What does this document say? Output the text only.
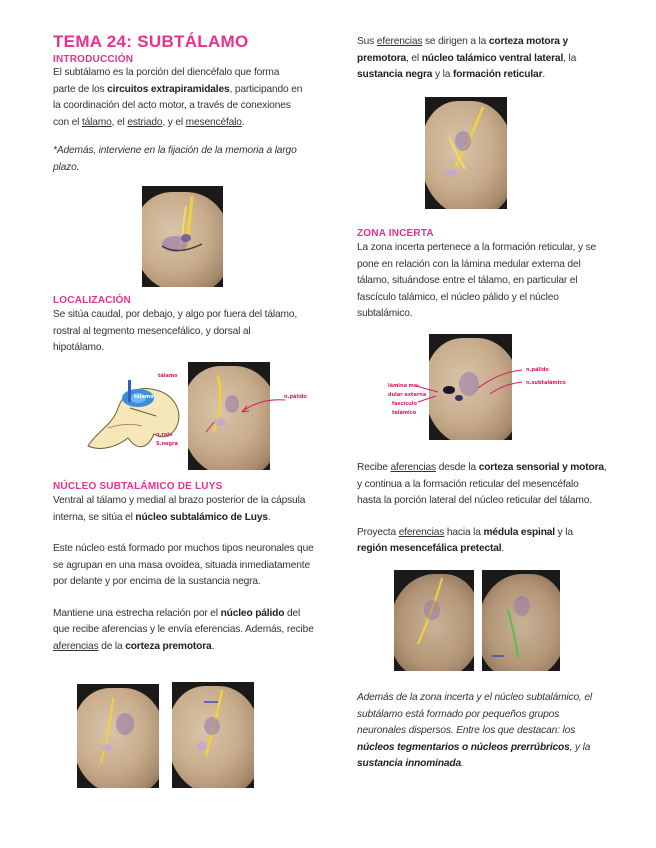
TEMA 24: SUBTÁLAMO
INTRODUCCIÓN

El subtálamo es la porción del diencéfalo que forma
parte de los circuitos extrapiramidales, participando en
la coordinación del acto motor, a través de conexiones
con el tálamo, el estriado, y el mesencéfalo.

*Además, interviene en la fijación de la memoria a largo
plazo.

LOCALIZACIÓN

Se sitúa caudal, por debajo, y algo por fuera del tálamo,
rostral al tegmento mesencefálico, y dorsal al
hipotálamo.

tálamo
tálamo
n.rojo
S.negra
n.pálido
NÚCLEO SUBTALÁMICO DE LUYS

Ventral al tálamo y medial al brazo posterior de la cápsula
interna, se sitúa el núcleo subtalámico de Luys.

Este núcleo está formado por muchos tipos neuronales que
se agrupan en una masa ovoidea, situada inmediatamente
por delante y por encima de la sustancia negra.

Mantiene una estrecha relación por el núcleo pálido del
que recibe aferencias y le envía eferencias. Además, recibe
aferencias de la corteza premotora.

Sus eferencias se dirigen a la corteza motora y
premotora, el núcleo talámico ventral lateral, la
sustancia negra y la formación reticular.

ZONA INCERTA

La zona incerta pertenece a la formación reticular, y se
pone en relación con la lámina medular externa del
tálamo, situándose entre el tálamo, en particular el
fascículo talámico, el núcleo pálido y el núcleo
subtalámico.

n.pálido
n.subtalámico
lámina me-
dular externa
fascículo
talámico

Recibe aferencias desde la corteza sensorial y motora,
y continua a la formación reticular del mesencéfalo
hasta la porción lateral del núcleo reticular del tálamo.

Proyecta eferencias hacia la médula espinal y la
región mesencefálica pretectal.

Además de la zona incerta y el núcleo subtalámico, el
subtálamo está formado por pequeños grupos
neuronales dispersos. Entre los que destacan: los
núcleos tegmentarios o núcleos prerrúbricos, y la
sustancia innominada.
